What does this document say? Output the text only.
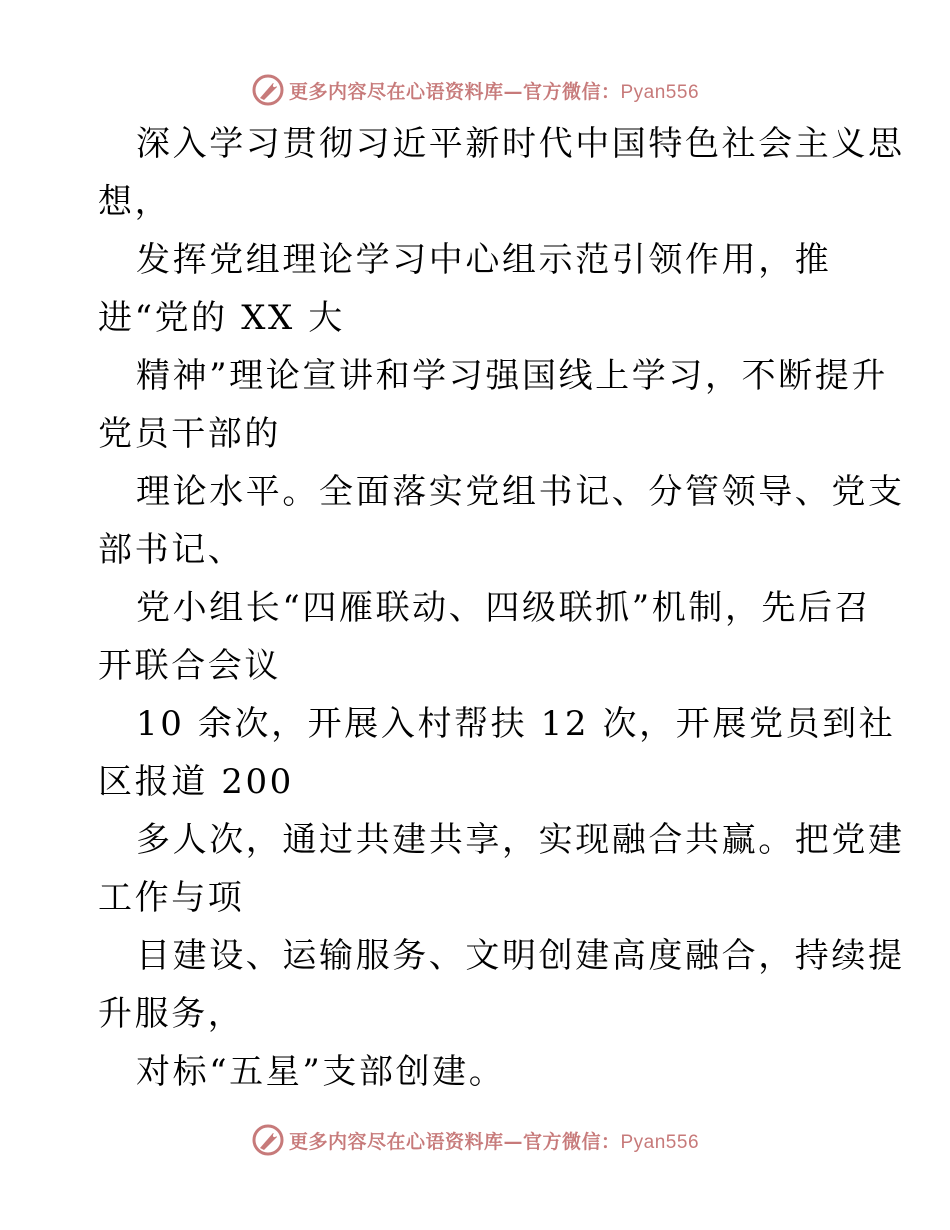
更多内容尽在心语资料库—官方微信：Pyan556
深入学习贯彻习近平新时代中国特色社会主义思
想，
发挥党组理论学习中心组示范引领作用，推
进“党的 XX 大
精神”理论宣讲和学习强国线上学习，不断提升
党员干部的
理论水平。全面落实党组书记、分管领导、党支
部书记、
党小组长“四雁联动、四级联抓”机制，先后召
开联合会议
10 余次，开展入村帮扶 12 次，开展党员到社
区报道 200
多人次，通过共建共享，实现融合共赢。把党建
工作与项
目建设、运输服务、文明创建高度融合，持续提
升服务，
对标“五星”支部创建。
更多内容尽在心语资料库—官方微信：Pyan556
